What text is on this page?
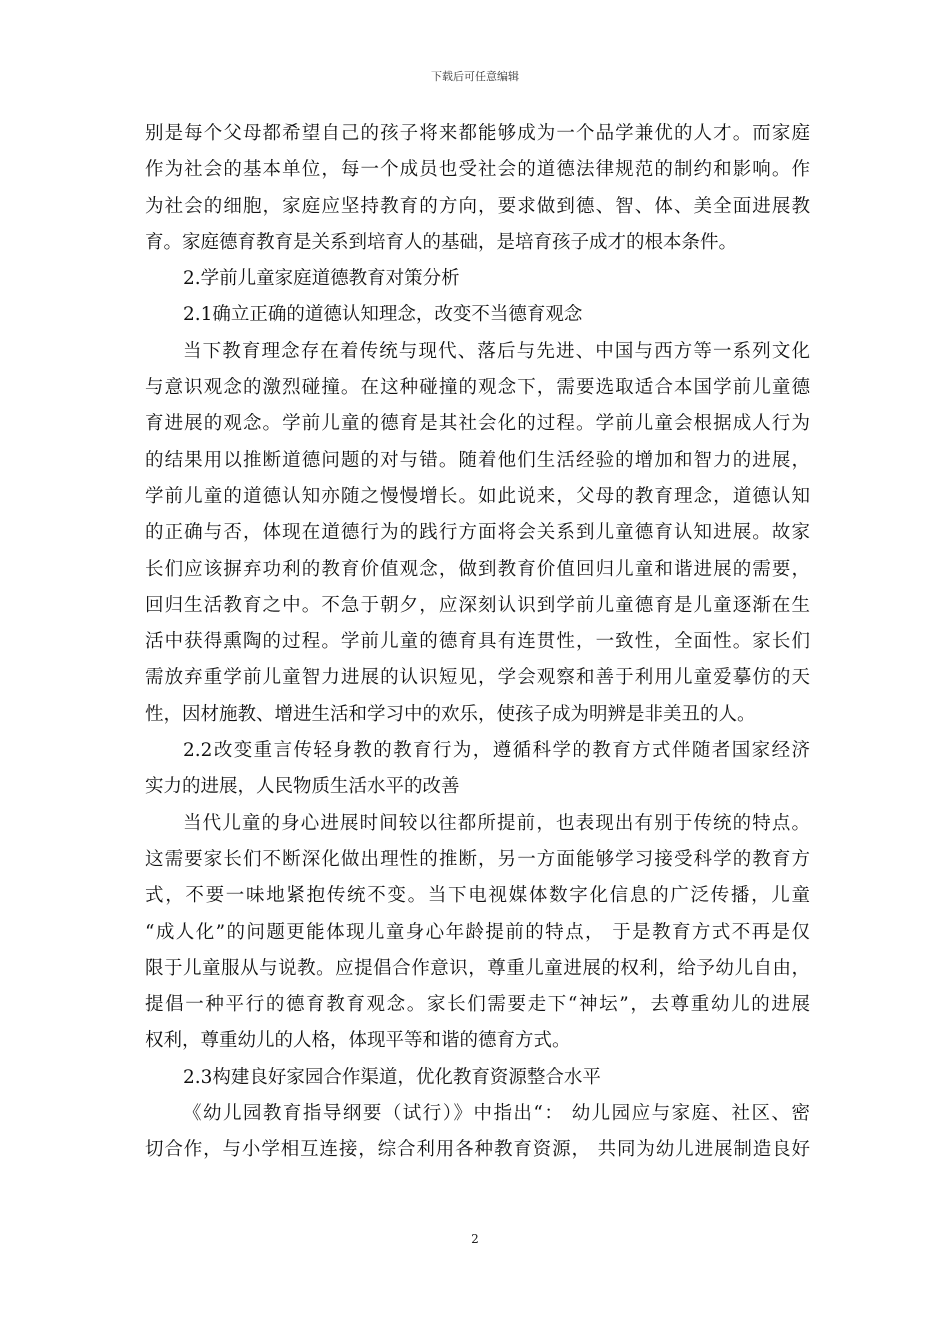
下载后可任意编辑
别是每个父母都希望自己的孩子将来都能够成为一个品学兼优的人才。而家庭
作为社会的基本单位，每一个成员也受社会的道德法律规范的制约和影响。作
为社会的细胞，家庭应坚持教育的方向，要求做到德、智、体、美全面进展教
育。家庭德育教育是关系到培育人的基础，是培育孩子成才的根本条件。
2.学前儿童家庭道德教育对策分析
2.1确立正确的道德认知理念，改变不当德育观念
当下教育理念存在着传统与现代、落后与先进、中国与西方等一系列文化
与意识观念的激烈碰撞。在这种碰撞的观念下，需要选取适合本国学前儿童德
育进展的观念。学前儿童的德育是其社会化的过程。学前儿童会根据成人行为
的结果用以推断道德问题的对与错。随着他们生活经验的增加和智力的进展，
学前儿童的道德认知亦随之慢慢增长。如此说来，父母的教育理念，道德认知
的正确与否，体现在道德行为的践行方面将会关系到儿童德育认知进展。故家
长们应该摒弃功利的教育价值观念，做到教育价值回归儿童和谐进展的需要，
回归生活教育之中。不急于朝夕，应深刻认识到学前儿童德育是儿童逐渐在生
活中获得熏陶的过程。学前儿童的德育具有连贯性，一致性，全面性。家长们
需放弃重学前儿童智力进展的认识短见，学会观察和善于利用儿童爱摹仿的天
性，因材施教、增进生活和学习中的欢乐，使孩子成为明辨是非美丑的人。
2.2改变重言传轻身教的教育行为，遵循科学的教育方式伴随者国家经济
实力的进展，人民物质生活水平的改善
当代儿童的身心进展时间较以往都所提前，也表现出有别于传统的特点。
这需要家长们不断深化做出理性的推断，另一方面能够学习接受科学的教育方
式，不要一味地紧抱传统不变。当下电视媒体数字化信息的广泛传播，儿童
“成人化”的问题更能体现儿童身心年龄提前的特点， 于是教育方式不再是仅
限于儿童服从与说教。应提倡合作意识，尊重儿童进展的权利，给予幼儿自由，
提倡一种平行的德育教育观念。家长们需要走下“神坛”，去尊重幼儿的进展
权利，尊重幼儿的人格，体现平等和谐的德育方式。
2.3构建良好家园合作渠道，优化教育资源整合水平
《幼儿园教育指导纲要（试行）》中指出“： 幼儿园应与家庭、社区、密
切合作，与小学相互连接，综合利用各种教育资源， 共同为幼儿进展制造良好
2
